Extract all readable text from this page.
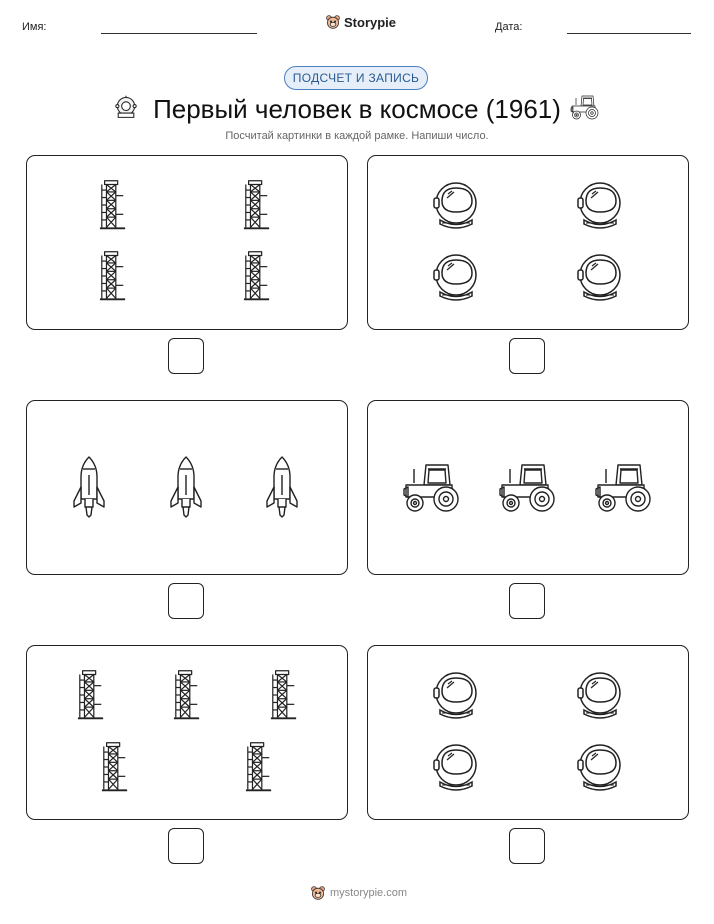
Имя:	Storypie	Дата:
ПОДСЧЕТ И ЗАПИСЬ
Первый человек в космосе (1961)
Посчитай картинки в каждой рамке. Напиши число.
mystorypie.com
